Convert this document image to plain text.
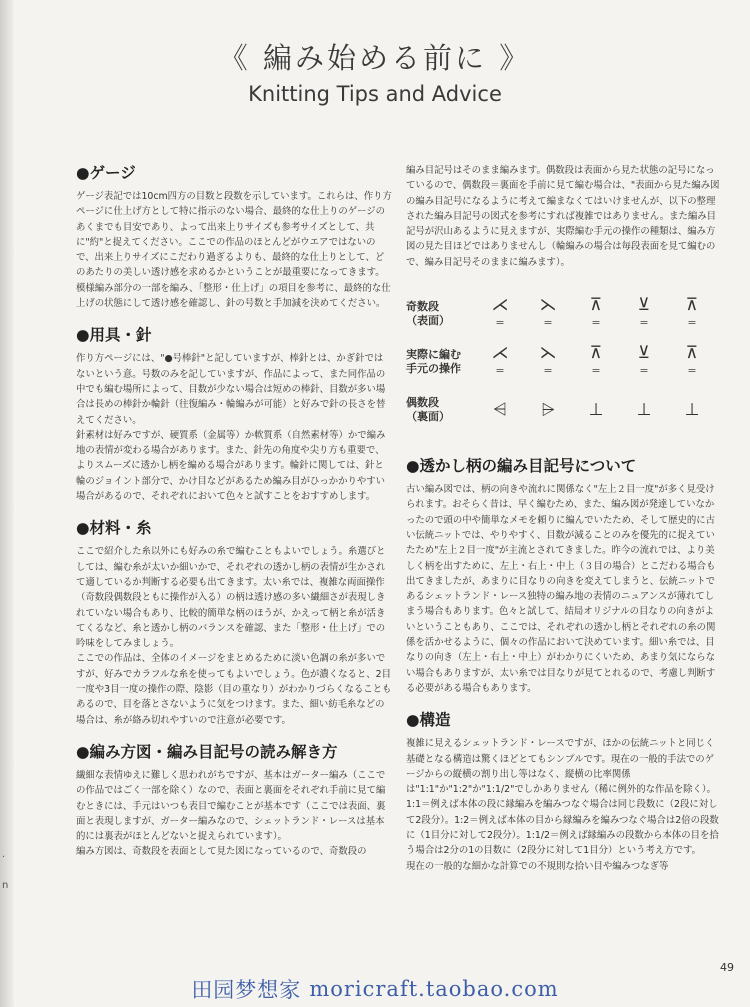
·
n
《 編み始める前に 》
Knitting Tips and Advice
●ゲージ

ゲージ表記では10cm四方の目数と段数を示しています。これらは、作り方ページに仕上げ方として特に指示のない場合、最終的な仕上りのゲージのあくまでも目安であり、よって出来上りサイズも参考サイズとして、共に"約"と捉えてください。ここでの作品のほとんどがウエアではないので、出来上りサイズにこだわり過ぎるよりも、最終的な仕上りとして、どのあたりの美しい透け感を求めるかということが最重要になってきます。

模様編み部分の一部を編み、「整形・仕上げ」の項目を参考に、最終的な仕上げの状態にして透け感を確認し、針の号数と手加減を決めてください。

●用具・針

作り方ページには、"●号棒針"と記していますが、棒針とは、かぎ針ではないという意。号数のみを記していますが、作品によって、また同作品の中でも編む場所によって、目数が少ない場合は短めの棒針、目数が多い場合は長めの棒針か輪針（往復編み・輪編みが可能）と好みで針の長さを替えてください。

針素材は好みですが、硬質系（金属等）か軟質系（自然素材等）かで編み地の表情が変わる場合があります。また、針先の角度や尖り方も重要で、よりスムーズに透かし柄を編める場合があります。輪針に関しては、針と輪のジョイント部分で、かけ目などがあるため編み目がひっかかりやすい場合があるので、それぞれにおいて色々と試すことをおすすめします。

●材料・糸

ここで紹介した糸以外にも好みの糸で編むこともよいでしょう。糸選びとしては、編む糸が太いか細いかで、それぞれの透かし柄の表情が生かされて適しているか判断する必要も出てきます。太い糸では、複雑な両面操作（奇数段偶数段ともに操作が入る）の柄は透け感の多い繊細さが表現しきれていない場合もあり、比較的簡単な柄のほうが、かえって柄と糸が活きてくるなど、糸と透かし柄のバランスを確認、また「整形・仕上げ」での吟味をしてみましょう。

ここでの作品は、全体のイメージをまとめるために淡い色調の糸が多いですが、好みでカラフルな糸を使ってもよいでしょう。色が濃くなると、2目一度や3目一度の操作の際、陰影（目の重なり）がわかりづらくなることもあるので、目を落とさないように気をつけます。また、細い紡毛糸などの場合は、糸が絡み切れやすいので注意が必要です。

●編み方図・編み目記号の読み解き方

繊細な表情ゆえに難しく思われがちですが、基本はガーター編み（ここでの作品ではごく一部を除く）なので、表面と裏面をそれぞれ手前に見て編むときには、手元はいつも表目で編むことが基本です（ここでは表面、裏面と表現しますが、ガーター編みなので、シェットランド・レースは基本的には裏表がほとんどないと捉えられています）。

編み方図は、奇数段を表面として見た図になっているので、奇数段の

編み目記号はそのまま編みます。偶数段は表面から見た状態の記号になっているので、偶数段＝裏面を手前に見て編む場合は、"表面から見た編み図の編み目記号になるように考えて編まなくてはいけませんが、以下の整理された編み目記号の図式を参考にすれば複雑ではありません。また編み目記号が沢山あるように見えますが、実際編む手元の操作の種類は、編み方図の見た目ほどではありませんし（輪編みの場合は毎段表面を見て編むので、編み目記号そのままに編みます）。

奇数段
（表面）
⋌
=
⋋
=
⊼
=
⊻
=
⊼
=
実際に編む
手元の操作
⋌
=
⋋
=
⊼
=
⊻
=
⊼
=
偶数段
（裏面）	⩤ ⩥ ⊥ ⊥ ⊥
●透かし柄の編み目記号について

古い編み図では、柄の向きや流れに関係なく"左上２目一度"が多く見受けられます。おそらく昔は、早く編むため、また、編み図が発達していなかったので頭の中や簡単なメモを頼りに編んでいたため、そして歴史的に古い伝統ニットでは、やりやすく、目数が減ることのみを優先的に捉えていたため"左上２目一度"が主流とされてきました。昨今の流れでは、より美しく柄を出すために、左上・右上・中上（３目の場合）とこだわる場合も出てきましたが、あまりに目なりの向きを変えてしまうと、伝統ニットであるシェットランド・レース独特の編み地の表情のニュアンスが薄れてしまう場合もあります。色々と試して、結局オリジナルの目なりの向きがよいということもあり、ここでは、それぞれの透かし柄とそれぞれの糸の関係を活かせるように、個々の作品において決めています。細い糸では、目なりの向き（左上・右上・中上）がわかりにくいため、あまり気にならない場合もありますが、太い糸では目なりが見てとれるので、考慮し判断する必要がある場合もあります。

●構造

複雑に見えるシェットランド・レースですが、ほかの伝統ニットと同じく基礎となる構造は驚くほどとてもシンプルです。現在の一般的手法でのゲージからの縦横の割り出し等はなく、縦横の比率関係は"1:1"か"1:2"か"1:1/2"でしかありません（稀に例外的な作品を除く）。1:1＝例えば本体の段に縁編みを編みつなぐ場合は同じ段数に（2段に対して2段分）。1:2＝例えば本体の目から縁編みを編みつなぐ場合は2倍の段数に（1目分に対して2段分）。1:1/2＝例えば縁編みの段数から本体の目を拾う場合は2分の1の目数に（2段分に対して1目分）という考え方です。

現在の一般的な細かな計算での不規則な拾い目や編みつなぎ等

49
田园梦想家 moricraft.taobao.com
